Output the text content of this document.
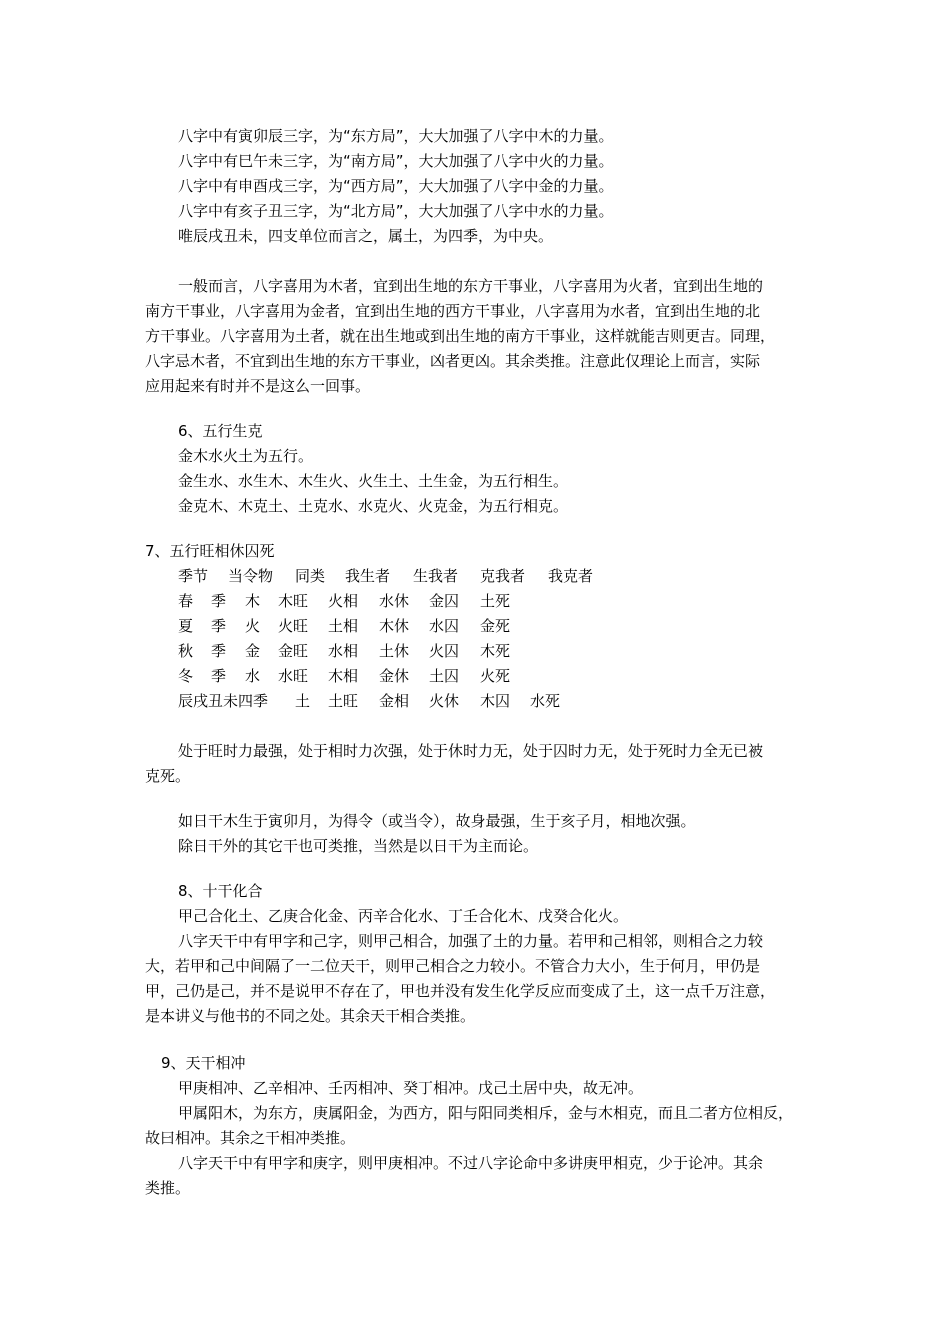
八字中有寅卯辰三字，为“东方局”，大大加强了八字中木的力量。
八字中有巳午未三字，为“南方局”，大大加强了八字中火的力量。
八字中有申酉戌三字，为“西方局”，大大加强了八字中金的力量。
八字中有亥子丑三字，为“北方局”，大大加强了八字中水的力量。
唯辰戌丑未，四支单位而言之，属土，为四季，为中央。
一般而言，八字喜用为木者，宜到出生地的东方干事业，八字喜用为火者，宜到出生地的
南方干事业，八字喜用为金者，宜到出生地的西方干事业，八字喜用为水者，宜到出生地的北
方干事业。八字喜用为土者，就在出生地或到出生地的南方干事业，这样就能吉则更吉。同理，
八字忌木者，不宜到出生地的东方干事业，凶者更凶。其余类推。注意此仅理论上而言，实际
应用起来有时并不是这么一回事。
6、五行生克
金木水火土为五行。
金生水、水生木、木生火、火生土、土生金，为五行相生。
金克木、木克土、土克水、水克火、火克金，为五行相克。
7、五行旺相休囚死
季节 当令物 同类 我生者 生我者 克我者 我克者
春 季 木 木旺 火相 水休 金囚 土死
夏 季 火 火旺 土相 木休 水囚 金死
秋 季 金 金旺 水相 土休 火囚 木死
冬 季 水 水旺 木相 金休 土囚 火死
辰戌丑未四季 土 土旺 金相 火休 木囚 水死
处于旺时力最强，处于相时力次强，处于休时力无，处于囚时力无，处于死时力全无已被
克死。
如日干木生于寅卯月，为得令（或当令），故身最强，生于亥子月，相地次强。
除日干外的其它干也可类推，当然是以日干为主而论。
8、十干化合
甲己合化土、乙庚合化金、丙辛合化水、丁壬合化木、戊癸合化火。
八字天干中有甲字和己字，则甲己相合，加强了土的力量。若甲和己相邻，则相合之力较
大，若甲和己中间隔了一二位天干，则甲己相合之力较小。不管合力大小，生于何月，甲仍是
甲，己仍是己，并不是说甲不存在了，甲也并没有发生化学反应而变成了土，这一点千万注意，
是本讲义与他书的不同之处。其余天干相合类推。
9、天干相冲
甲庚相冲、乙辛相冲、壬丙相冲、癸丁相冲。戊己土居中央，故无冲。
甲属阳木，为东方，庚属阳金，为西方，阳与阳同类相斥，金与木相克，而且二者方位相反，
故曰相冲。其余之干相冲类推。
八字天干中有甲字和庚字，则甲庚相冲。不过八字论命中多讲庚甲相克，少于论冲。其余
类推。
